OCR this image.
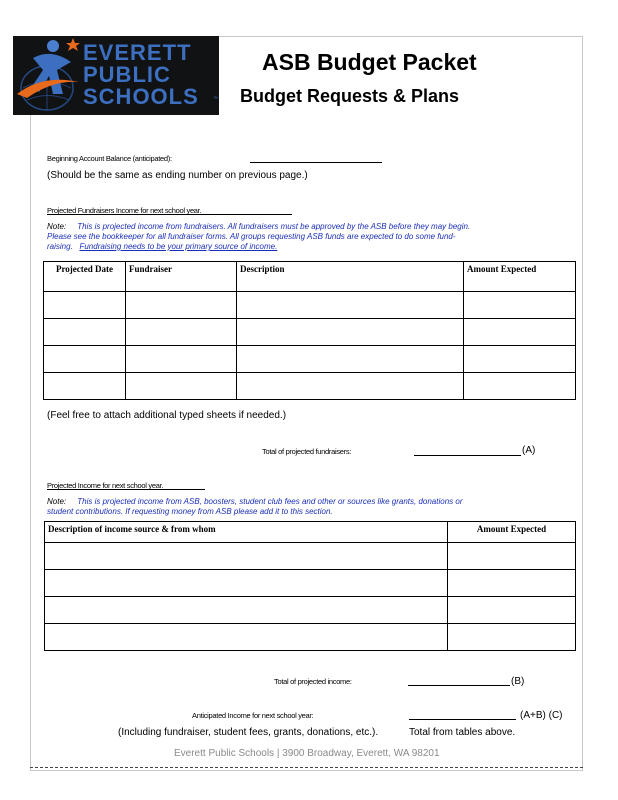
EVERETT
PUBLIC
SCHOOLS	™
ASB Budget Packet
Budget Requests & Plans
Beginning Account Balance (anticipated):
(Should be the same as ending number on previous page.)
Projected Fundraisers Income for next school year.
Note: This is projected income from fundraisers. All fundraisers must be approved by the ASB before they may begin.
Please see the bookkeeper for all fundraiser forms. All groups requesting ASB funds are expected to do some fund-
raising. Fundraising needs to be your primary source of income.
Projected Date	Fundraiser	Description	Amount Expected

(Feel free to attach additional typed sheets if needed.)
Total of projected fundraisers:	(A)
Projected Income for next school year.
Note: This is projected income from ASB, boosters, student club fees and other or sources like grants, donations or
student contributions. If requesting money from ASB please add it to this section.
Description of income source & from whom	Amount Expected

Total of projected income:	(B)
Anticipated Income for next school year:	(A+B) (C)
(Including fundraiser, student fees, grants, donations, etc.).	Total from tables above.
Everett Public Schools | 3900 Broadway, Everett, WA 98201
